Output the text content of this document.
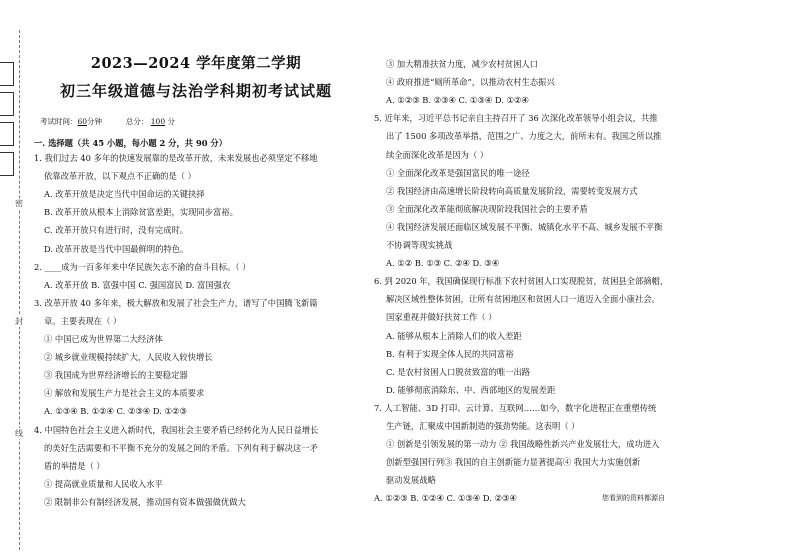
密
封
线
2023—2024 学年度第二学期
初三年级道德与法治学科期初考试试题
考试时间：60分钟	总分： 100 分
一. 选择题（共 45 小题，每小题 2 分，共 90 分）
1. 我们过去 40 多年的快速发展靠的是改革开放，未来发展也必须坚定不移地
依靠改革开放，以下观点不正确的是（ ）
A. 改革开放是决定当代中国命运的关键抉择
B. 改革开放从根本上消除贫富差距，实现同步富裕。
C. 改革开放只有进行时，没有完成时。
D. 改革开放是当代中国最鲜明的特色。
2. ____成为一百多年来中华民族矢志不渝的奋斗目标。（ ）
A. 改革开放 B. 富强中国 C. 强国富民 D. 富国强农
3. 改革开放 40 多年来，极大解放和发展了社会生产力，谱写了中国腾飞新篇
章。主要表现在（ ）
① 中国已成为世界第二大经济体
② 城乡就业规模持续扩大，人民收入较快增长
③ 我国成为世界经济增长的主要稳定器
④ 解放和发展生产力是社会主义的本质要求
A. ①③④ B. ①②④ C. ②③④ D. ①②③
4. 中国特色社会主义进入新时代，我国社会主要矛盾已经转化为人民日益增长
的美好生活需要和不平衡不充分的发展之间的矛盾。下列有利于解决这一矛
盾的举措是（ ）
① 提高就业质量和人民收入水平
② 限制非公有制经济发展，推动国有资本做强做优做大
③ 加大精准扶贫力度，减少农村贫困人口
④ 政府推进“厕所革命”，以推动农村生态振兴
A. ①②③ B. ②③④ C. ①③④ D. ①②④
5. 近年来，习近平总书记亲自主持召开了 36 次深化改革领导小组会议，共推
出了 1500 多项改革举措，范围之广、力度之大，前所未有。我国之所以推
续全面深化改革是因为（ ）
① 全面深化改革是强国富民的唯一途径
② 我国经济由高速增长阶段转向高质量发展阶段，需要转变发展方式
③ 全面深化改革能彻底解决现阶段我国社会的主要矛盾
④ 我国经济发展还面临区域发展不平衡、城镇化水平不高、城乡发展不平衡
不协调等现实挑战
A. ①② B. ①③ C. ②④ D. ③④
6. 到 2020 年，我国确保现行标准下农村贫困人口实现脱贫，贫困县全部摘帽，
解决区域性整体贫困，让所有贫困地区和贫困人口一道迈入全面小康社会。
国家重视并做好扶贫工作（ ）
A. 能够从根本上消除人们的收入差距
B. 有利于实现全体人民的共同富裕
C. 是农村贫困人口脱贫致富的唯一出路
D. 能够彻底消除东、中、西部地区的发展差距
7. 人工智能、3D 打印、云计算、互联网……如今，数字化进程正在重塑传统
生产链，汇聚成中国新制造的强劲势能。这表明（ ）
① 创新是引领发展的第一动力 ② 我国战略性新兴产业发展壮大，成功进入
创新型强国行列③ 我国的自主创新能力显著提高④ 我国大力实施创新
驱动发展战略
A. ①②③ B. ①②④ C. ①③④ D. ②③④	您看到的资料都源自
